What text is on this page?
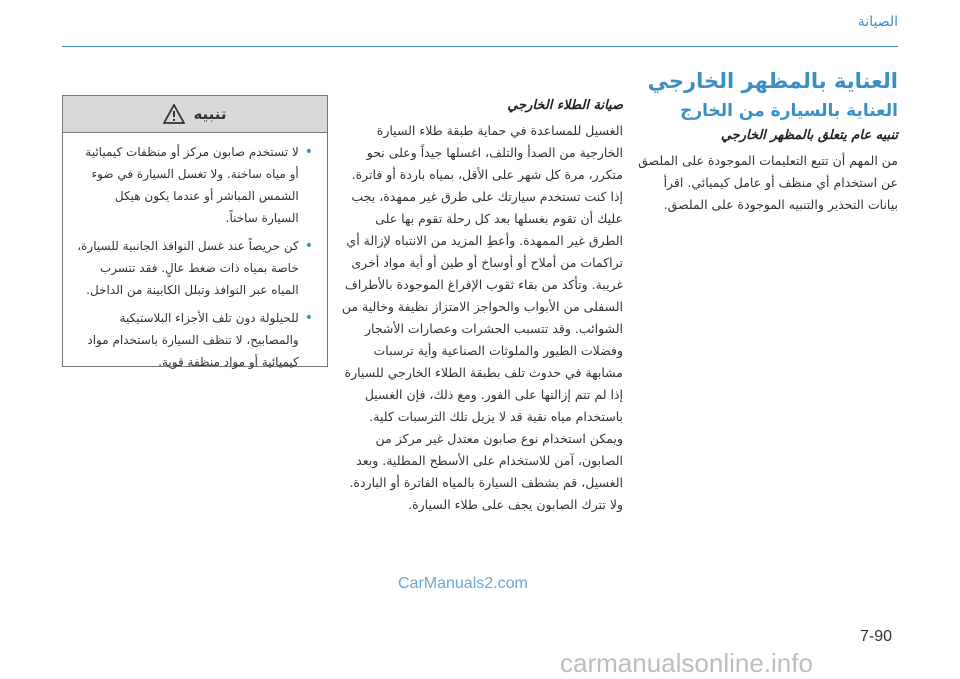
الصيانة
العناية بالمظهر الخارجي
العناية بالسيارة من الخارج
تنبيه عام يتعلق بالمظهر الخارجي

من المهم أن تتبع التعليمات الموجودة على الملصق عن استخدام أي منظف أو عامل كيميائي. اقرأ بيانات التحذير والتنبيه الموجودة على الملصق.

صيانة الطلاء الخارجي

الغسيل للمساعدة في حماية طبقة طلاء السيارة الخارجية من الصدأ والتلف، اغسلها جيداً وعلى نحو متكرر، مرة كل شهر على الأقل، بمياه باردة أو فاترة. إذا كنت تستخدم سيارتك على طرق غير ممهدة، يجب عليك أن تقوم بغسلها بعد كل رحلة تقوم بها على الطرق غير الممهدة. وأعطِ المزيد من الانتباه لإزالة أي تراكمات من أملاح أو أوساخ أو طين أو أية مواد أخرى غريبة. وتأكد من بقاء ثقوب الإفراغ الموجودة بالأطراف السفلى من الأبواب والحواجز الامتزاز نظيفة وخالية من الشوائب. وقد تتسبب الحشرات وعصارات الأشجار وفضلات الطيور والملوثات الصناعية وأية ترسبات مشابهة في حدوث تلف بطبقة الطلاء الخارجي للسيارة إذا لم تتم إزالتها على الفور. ومع ذلك، فإن الغسيل باستخدام مياه نقية قد لا يزيل تلك الترسبات كلية. ويمكن استخدام نوع صابون معتدل غير مركز من الصابون، آمن للاستخدام على الأسطح المطلية. وبعد الغسيل، قم بشطف السيارة بالمياه الفاترة أو الباردة. ولا تترك الصابون يجف على طلاء السيارة.

تنبيه
•
لا تستخدم صابون مركز أو منظفات كيميائية أو مياه ساخنة. ولا تغسل السيارة في ضوء الشمس المباشر أو عندما يكون هيكل السيارة ساخناً.
•
كن حريصاً عند غسل النوافذ الجانبية للسيارة، خاصة بمياه ذات ضغط عالٍ. فقد تتسرب المياه عبر النوافذ وتبلل الكابينة من الداخل.
•
للحيلولة دون تلف الأجزاء البلاستيكية والمصابيح، لا تنظف السيارة باستخدام مواد كيميائية أو مواد منظفة قوية.
CarManuals2.com
7-90
carmanualsonline.info
